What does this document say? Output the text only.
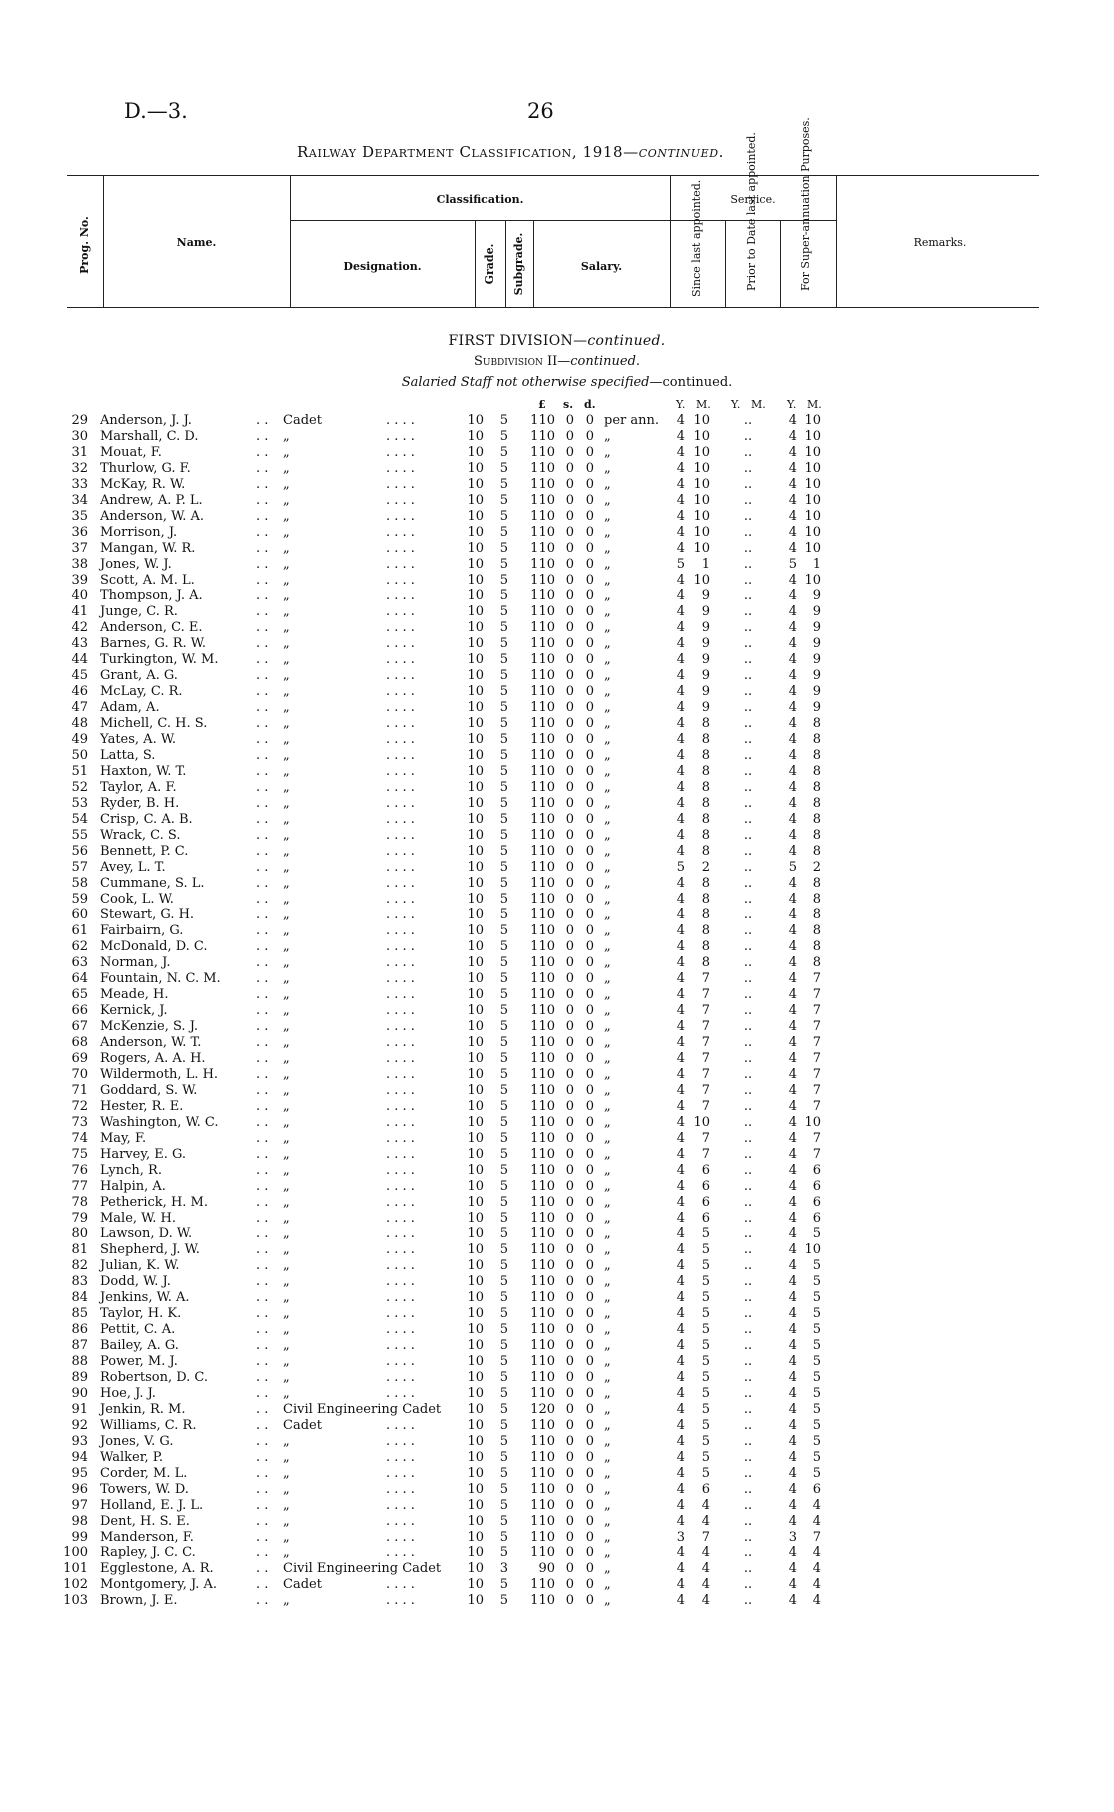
D.—3.	26
Railway Department Classification, 1918—continued.
Prog. No.	Name.
Classification.
Designation.	Grade. Subgrade.	Salary.
Service.
Since last appointed.	Prior to Date last appointed.	For Super-annuation Purposes.	Remarks.
FIRST DIVISION—continued.
Subdivision II—continued.
Salaried Staff not otherwise specified—continued.
£ s. d.	Y. M. Y. M. Y. M.
. .	. . . .
29 Anderson, J. J.	Cadet	10	5	110 0 0 per ann.	4 10	..	4 10
. .	. . . .
30 Marshall, C. D.	„	10	5	110 0 0 „	4 10	..	4 10
. .	. . . .
31 Mouat, F.	„	10	5	110 0 0 „	4 10	..	4 10
. .	. . . .
32 Thurlow, G. F.	„	10	5	110 0 0 „	4 10	..	4 10
. .	. . . .
33 McKay, R. W.	„	10	5	110 0 0 „	4 10	..	4 10
. .	. . . .
34 Andrew, A. P. L.	„	10	5	110 0 0 „	4 10	..	4 10
. .	. . . .
35 Anderson, W. A.	„	10	5	110 0 0 „	4 10	..	4 10
. .	. . . .
36 Morrison, J.	„	10	5	110 0 0 „	4 10	..	4 10
. .	. . . .
37 Mangan, W. R.	„	10	5	110 0 0 „	4 10	..	4 10
. .	. . . .
38 Jones, W. J.	„	10	5	110 0 0 „	5	1	..	5	1
. .	. . . .
39 Scott, A. M. L.	„	10	5	110 0 0 „	4 10	..	4 10
. .	. . . .
40 Thompson, J. A.	„	10	5	110 0 0 „	4	9	..	4	9
. .	. . . .
41 Junge, C. R.	„	10	5	110 0 0 „	4	9	..	4	9
. .	. . . .
42 Anderson, C. E.	„	10	5	110 0 0 „	4	9	..	4	9
. .	. . . .
43 Barnes, G. R. W.	„	10	5	110 0 0 „	4	9	..	4	9
. .	. . . .
44 Turkington, W. M.	„	10	5	110 0 0 „	4	9	..	4	9
. .	. . . .
45 Grant, A. G.	„	10	5	110 0 0 „	4	9	..	4	9
. .	. . . .
46 McLay, C. R.	„	10	5	110 0 0 „	4	9	..	4	9
. .	. . . .
47 Adam, A.	„	10	5	110 0 0 „	4	9	..	4	9
. .	. . . .
48 Michell, C. H. S.	„	10	5	110 0 0 „	4	8	..	4	8
. .	. . . .
49 Yates, A. W.	„	10	5	110 0 0 „	4	8	..	4	8
. .	. . . .
50 Latta, S.	„	10	5	110 0 0 „	4	8	..	4	8
. .	. . . .
51 Haxton, W. T.	„	10	5	110 0 0 „	4	8	..	4	8
. .	. . . .
52 Taylor, A. F.	„	10	5	110 0 0 „	4	8	..	4	8
. .	. . . .
53 Ryder, B. H.	„	10	5	110 0 0 „	4	8	..	4	8
. .	. . . .
54 Crisp, C. A. B.	„	10	5	110 0 0 „	4	8	..	4	8
. .	. . . .
55 Wrack, C. S.	„	10	5	110 0 0 „	4	8	..	4	8
. .	. . . .
56 Bennett, P. C.	„	10	5	110 0 0 „	4	8	..	4	8
. .	. . . .
57 Avey, L. T.	„	10	5	110 0 0 „	5	2	..	5	2
. .	. . . .
58 Cummane, S. L.	„	10	5	110 0 0 „	4	8	..	4	8
. .	. . . .
59 Cook, L. W.	„	10	5	110 0 0 „	4	8	..	4	8
. .	. . . .
60 Stewart, G. H.	„	10	5	110 0 0 „	4	8	..	4	8
. .	. . . .
61 Fairbairn, G.	„	10	5	110 0 0 „	4	8	..	4	8
. .	. . . .
62 McDonald, D. C.	„	10	5	110 0 0 „	4	8	..	4	8
. .	. . . .
63 Norman, J.	„	10	5	110 0 0 „	4	8	..	4	8
. .	. . . .
64 Fountain, N. C. M.	„	10	5	110 0 0 „	4	7	..	4	7
. .	. . . .
65 Meade, H.	„	10	5	110 0 0 „	4	7	..	4	7
. .	. . . .
66 Kernick, J.	„	10	5	110 0 0 „	4	7	..	4	7
. .	. . . .
67 McKenzie, S. J.	„	10	5	110 0 0 „	4	7	..	4	7
. .	. . . .
68 Anderson, W. T.	„	10	5	110 0 0 „	4	7	..	4	7
. .	. . . .
69 Rogers, A. A. H.	„	10	5	110 0 0 „	4	7	..	4	7
. .	. . . .
70 Wildermoth, L. H.	„	10	5	110 0 0 „	4	7	..	4	7
. .	. . . .
71 Goddard, S. W.	„	10	5	110 0 0 „	4	7	..	4	7
. .	. . . .
72 Hester, R. E.	„	10	5	110 0 0 „	4	7	..	4	7
. .	. . . .
73 Washington, W. C.	„	10	5	110 0 0 „	4 10	..	4 10
. .	. . . .
74 May, F.	„	10	5	110 0 0 „	4	7	..	4	7
. .	. . . .
75 Harvey, E. G.	„	10	5	110 0 0 „	4	7	..	4	7
. .	. . . .
76 Lynch, R.	„	10	5	110 0 0 „	4	6	..	4	6
. .	. . . .
77 Halpin, A.	„	10	5	110 0 0 „	4	6	..	4	6
. .	. . . .
78 Petherick, H. M.	„	10	5	110 0 0 „	4	6	..	4	6
. .	. . . .
79 Male, W. H.	„	10	5	110 0 0 „	4	6	..	4	6
. .	. . . .
80 Lawson, D. W.	„	10	5	110 0 0 „	4	5	..	4	5
. .	. . . .
81 Shepherd, J. W.	„	10	5	110 0 0 „	4	5	..	4 10
. .	. . . .
82 Julian, K. W.	„	10	5	110 0 0 „	4	5	..	4	5
. .	. . . .
83 Dodd, W. J.	„	10	5	110 0 0 „	4	5	..	4	5
. .	. . . .
84 Jenkins, W. A.	„	10	5	110 0 0 „	4	5	..	4	5
. .	. . . .
85 Taylor, H. K.	„	10	5	110 0 0 „	4	5	..	4	5
. .	. . . .
86 Pettit, C. A.	„	10	5	110 0 0 „	4	5	..	4	5
. .	. . . .
87 Bailey, A. G.	„	10	5	110 0 0 „	4	5	..	4	5
. .	. . . .
88 Power, M. J.	„	10	5	110 0 0 „	4	5	..	4	5
. .	. . . .
89 Robertson, D. C.	„	10	5	110 0 0 „	4	5	..	4	5
. .	. . . .
90 Hoe, J. J.	„	10	5	110 0 0 „	4	5	..	4	5
. .
91 Jenkin, R. M.	Civil Engineering Cadet	10	5	120 0 0 „	4	5	..	4	5
. .	. . . .
92 Williams, C. R.	Cadet	10	5	110 0 0 „	4	5	..	4	5
. .	. . . .
93 Jones, V. G.	„	10	5	110 0 0 „	4	5	..	4	5
. .	. . . .
94 Walker, P.	„	10	5	110 0 0 „	4	5	..	4	5
. .	. . . .
95 Corder, M. L.	„	10	5	110 0 0 „	4	5	..	4	5
. .	. . . .
96 Towers, W. D.	„	10	5	110 0 0 „	4	6	..	4	6
. .	. . . .
97 Holland, E. J. L.	„	10	5	110 0 0 „	4	4	..	4	4
. .	. . . .
98 Dent, H. S. E.	„	10	5	110 0 0 „	4	4	..	4	4
. .	. . . .
99 Manderson, F.	„	10	5	110 0 0 „	3	7	..	3	7
. .	. . . .
100 Rapley, J. C. C.	„	10	5	110 0 0 „	4	4	..	4	4
. .
101 Egglestone, A. R.	Civil Engineering Cadet	10	3	90 0 0 „	4	4	..	4	4
. .	. . . .
102 Montgomery, J. A.	Cadet	10	5	110 0 0 „	4	4	..	4	4
. .	. . . .
103 Brown, J. E.	„	10	5	110 0 0 „	4	4	..	4	4
